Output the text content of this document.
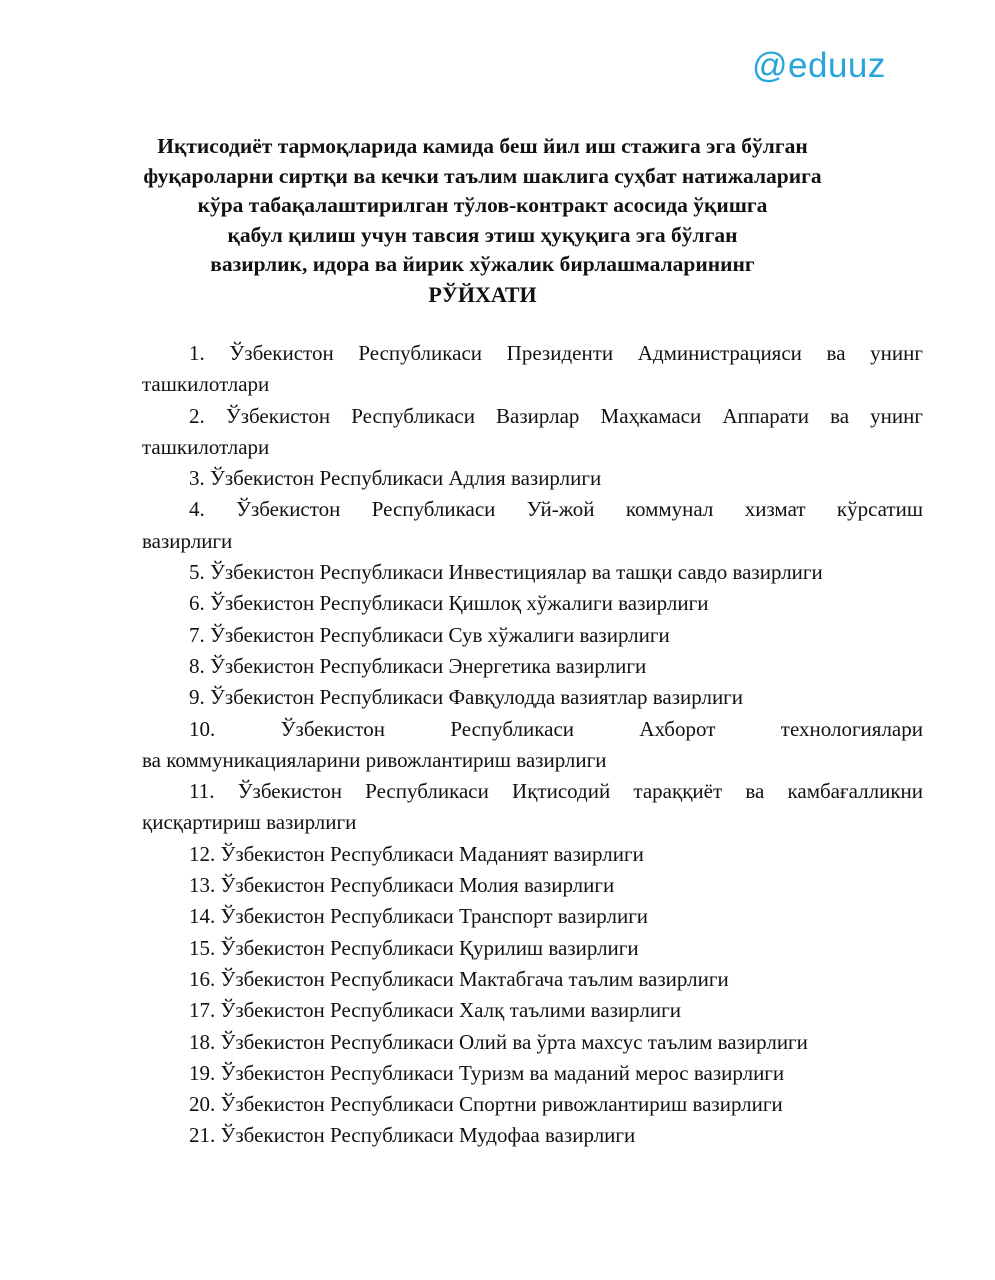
@eduuz
Иқтисодиёт тармоқларида камида беш йил иш стажига эга бўлган
фуқароларни сиртқи ва кечки таълим шаклига суҳбат натижаларига
кўра табақалаштирилган тўлов-контракт асосида ўқишга
қабул қилиш учун тавсия этиш ҳуқуқига эга бўлган
вазирлик, идора ва йирик хўжалик бирлашмаларининг
РЎЙХАТИ

1. Ўзбекистон Республикаси Президенти Администрацияси ва унинг
ташкилотлари

2. Ўзбекистон Республикаси Вазирлар Маҳкамаси Аппарати ва унинг
ташкилотлари

3. Ўзбекистон Республикаси Адлия вазирлиги

4. Ўзбекистон Республикаси Уй-жой коммунал хизмат кўрсатиш
вазирлиги

5. Ўзбекистон Республикаси Инвестициялар ва ташқи савдо вазирлиги

6. Ўзбекистон Республикаси Қишлоқ хўжалиги вазирлиги

7. Ўзбекистон Республикаси Сув хўжалиги вазирлиги

8. Ўзбекистон Республикаси Энергетика вазирлиги

9. Ўзбекистон Республикаси Фавқулодда вазиятлар вазирлиги

10.	Ўзбекистон Республикаси Ахборот технологиялари
ва коммуникацияларини ривожлантириш вазирлиги

11. Ўзбекистон Республикаси Иқтисодий тараққиёт ва камбағалликни
қисқартириш вазирлиги

12. Ўзбекистон Республикаси Маданият вазирлиги

13. Ўзбекистон Республикаси Молия вазирлиги

14. Ўзбекистон Республикаси Транспорт вазирлиги

15. Ўзбекистон Республикаси Қурилиш вазирлиги

16. Ўзбекистон Республикаси Мактабгача таълим вазирлиги

17. Ўзбекистон Республикаси Халқ таълими вазирлиги

18. Ўзбекистон Республикаси Олий ва ўрта махсус таълим вазирлиги

19. Ўзбекистон Республикаси Туризм ва маданий мерос вазирлиги

20. Ўзбекистон Республикаси Спортни ривожлантириш вазирлиги

21. Ўзбекистон Республикаси Мудофаа вазирлиги
